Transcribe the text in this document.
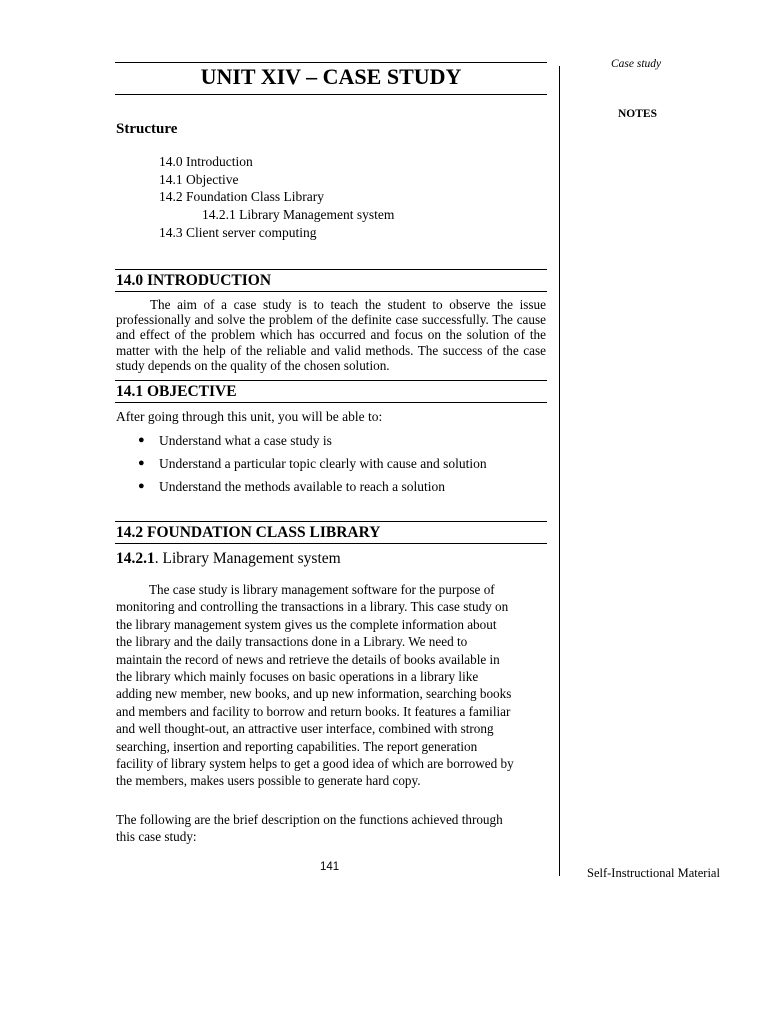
Case study
NOTES
UNIT XIV – CASE STUDY
Structure
14.0 Introduction
14.1 Objective
14.2 Foundation Class Library
14.2.1 Library Management system
14.3 Client server computing
14.0 INTRODUCTION
The aim of a case study is to teach the student to observe the issue professionally and solve the problem of the definite case successfully. The cause and effect of the problem which has occurred and focus on the solution of the matter with the help of the reliable and valid methods. The success of the case study depends on the quality of the chosen solution.
14.1 OBJECTIVE
After going through this unit, you will be able to:
● Understand what a case study is
● Understand a particular topic clearly with cause and solution
● Understand the methods available to reach a solution
14.2 FOUNDATION CLASS LIBRARY
14.2.1. Library Management system
The case study is library management software for the purpose of
monitoring and controlling the transactions in a library. This case study on
the library management system gives us the complete information about
the library and the daily transactions done in a Library. We need to
maintain the record of news and retrieve the details of books available in
the library which mainly focuses on basic operations in a library like
adding new member, new books, and up new information, searching books
and members and facility to borrow and return books. It features a familiar
and well thought-out, an attractive user interface, combined with strong
searching, insertion and reporting capabilities. The report generation
facility of library system helps to get a good idea of which are borrowed by
the members, makes users possible to generate hard copy.
The following are the brief description on the functions achieved through
this case study:
141	Self-Instructional Material
